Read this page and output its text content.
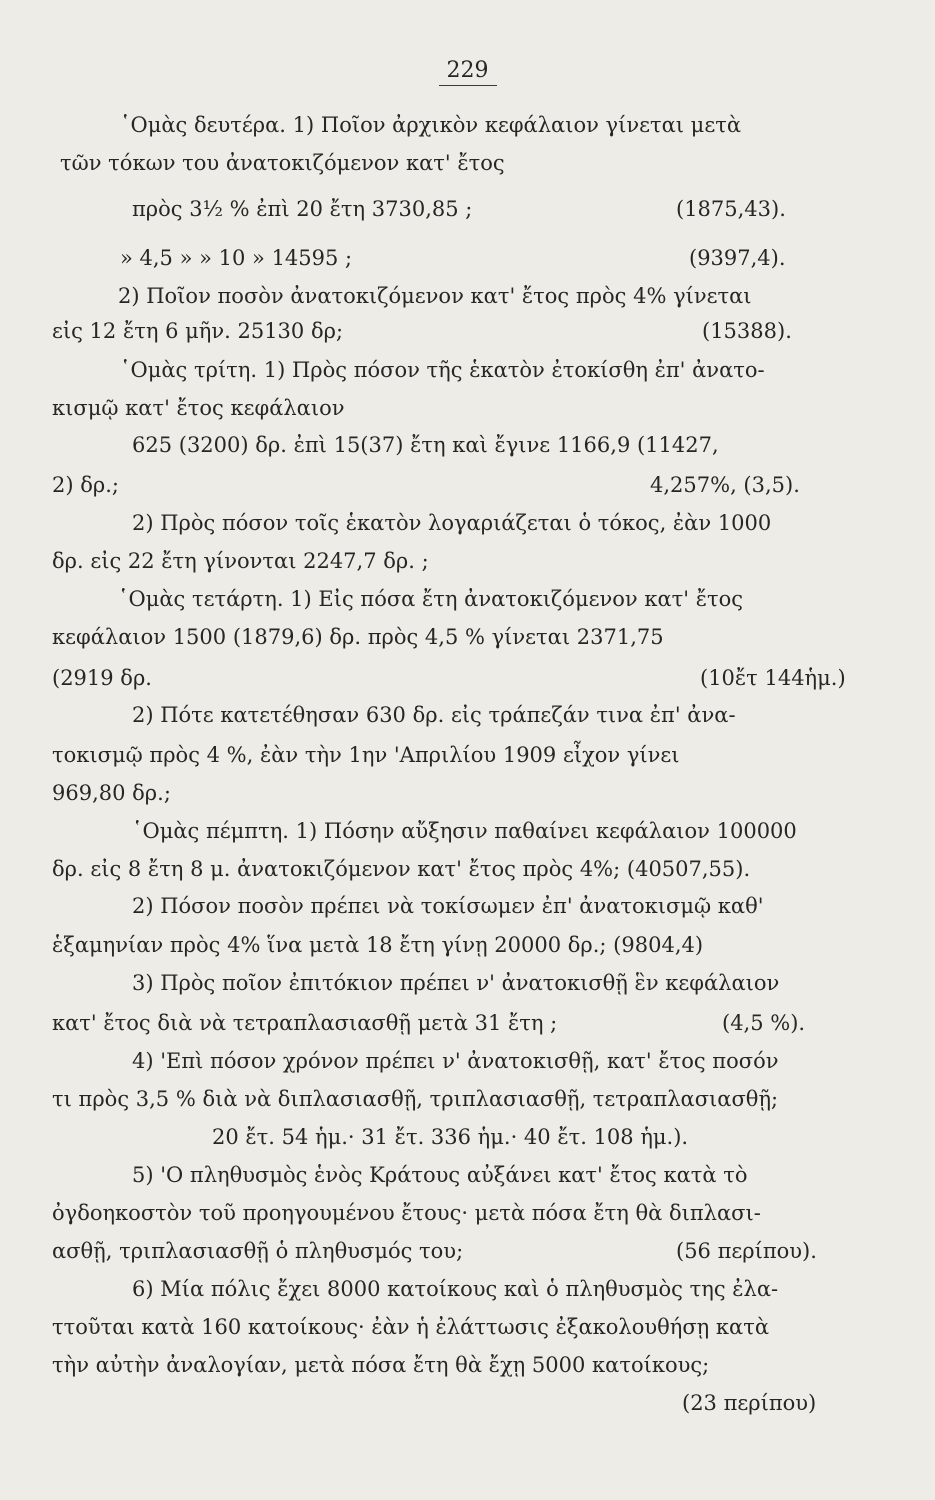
229
῾Ομὰς δευτέρα. 1) Ποῖον ἀρχικὸν κεφάλαιον γίνεται μετὰ
τῶν τόκων του ἀνατοκιζόμενον κατ' ἔτος
πρὸς 3½ % ἐπὶ 20 ἔτη 3730,85 ;	(1875,43).
» 4,5 » » 10 » 14595 ;	(9397,4).
2) Ποῖον ποσὸν ἀνατοκιζόμενον κατ' ἔτος πρὸς 4% γίνεται
εἰς 12 ἔτη 6 μῆν. 25130 δρ;	(15388).
῾Ομὰς τρίτη. 1) Πρὸς πόσον τῆς ἑκατὸν ἐτοκίσθη ἐπ' ἀνατο-
κισμῷ κατ' ἔτος κεφάλαιον
625 (3200) δρ. ἐπὶ 15(37) ἔτη καὶ ἔγινε 1166,9 (11427,
2) δρ.;	4,257%, (3,5).
2) Πρὸς πόσον τοῖς ἑκατὸν λογαριάζεται ὁ τόκος, ἐὰν 1000
δρ. εἰς 22 ἔτη γίνονται 2247,7 δρ. ;
῾Ομὰς τετάρτη. 1) Εἰς πόσα ἔτη ἀνατοκιζόμενον κατ' ἔτος
κεφάλαιον 1500 (1879,6) δρ. πρὸς 4,5 % γίνεται 2371,75
(2919 δρ.	(10ἔτ 144ἡμ.)
2) Πότε κατετέθησαν 630 δρ. εἰς τράπεζάν τινα ἐπ' ἀνα-
τοκισμῷ πρὸς 4 %, ἐὰν τὴν 1ην 'Απριλίου 1909 εἶχον γίνει
969,80 δρ.;
῾Ομὰς πέμπτη. 1) Πόσην αὔξησιν παθαίνει κεφάλαιον 100000
δρ. εἰς 8 ἔτη 8 μ. ἀνατοκιζόμενον κατ' ἔτος πρὸς 4%; (40507,55).
2) Πόσον ποσὸν πρέπει νὰ τοκίσωμεν ἐπ' ἀνατοκισμῷ καθ'
ἑξαμηνίαν πρὸς 4% ἵνα μετὰ 18 ἔτη γίνῃ 20000 δρ.; (9804,4)
3) Πρὸς ποῖον ἐπιτόκιον πρέπει ν' ἀνατοκισθῇ ἓν κεφάλαιον
κατ' ἔτος διὰ νὰ τετραπλασιασθῇ μετὰ 31 ἔτη ;	(4,5 %).
4) 'Επὶ πόσον χρόνον πρέπει ν' ἀνατοκισθῇ, κατ' ἔτος ποσόν
τι πρὸς 3,5 % διὰ νὰ διπλασιασθῇ, τριπλασιασθῇ, τετραπλασιασθῇ;
20 ἔτ. 54 ἡμ.· 31 ἔτ. 336 ἡμ.· 40 ἔτ. 108 ἡμ.).
5) 'Ο πληθυσμὸς ἑνὸς Κράτους αὐξάνει κατ' ἔτος κατὰ τὸ
ὀγδοηκοστὸν τοῦ προηγουμένου ἔτους· μετὰ πόσα ἔτη θὰ διπλασι-
ασθῇ, τριπλασιασθῇ ὁ πληθυσμός του;	(56 περίπου).
6) Μία πόλις ἔχει 8000 κατοίκους καὶ ὁ πληθυσμὸς της ἐλα-
ττοῦται κατὰ 160 κατοίκους· ἐὰν ἡ ἐλάττωσις ἐξακολουθήσῃ κατὰ
τὴν αὐτὴν ἀναλογίαν, μετὰ πόσα ἔτη θὰ ἔχῃ 5000 κατοίκους;
(23 περίπου)
